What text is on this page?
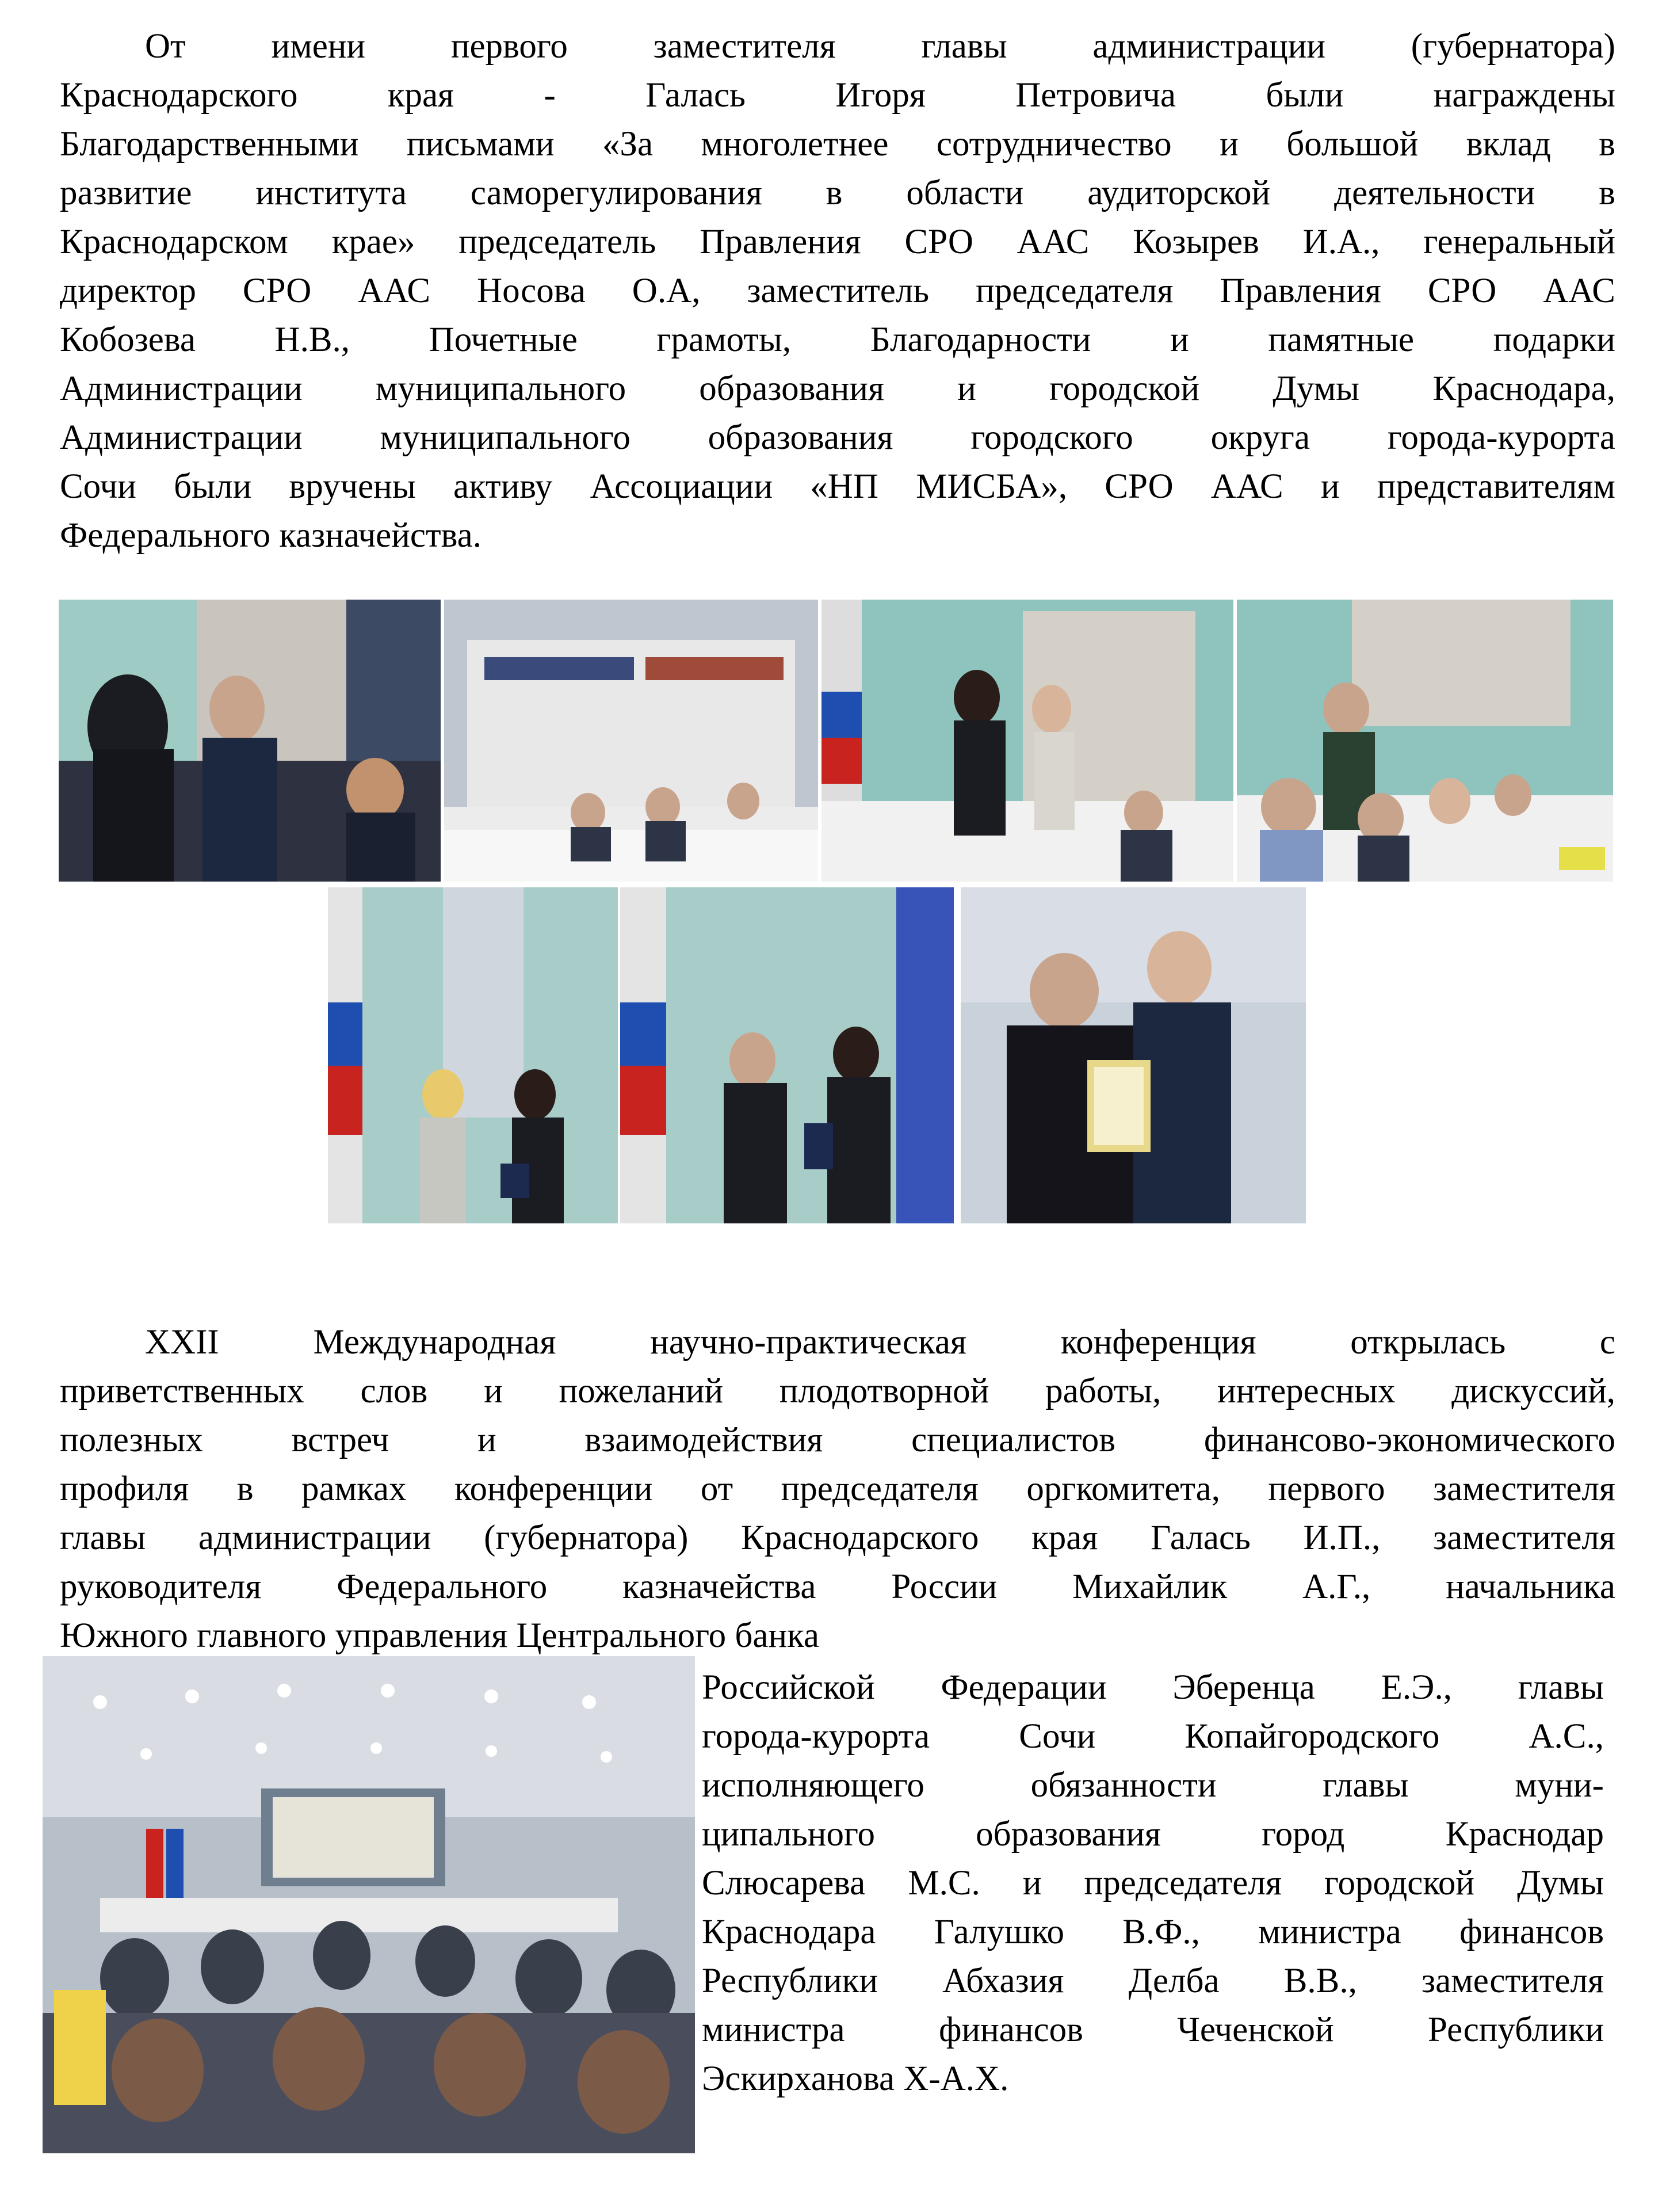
От имени первого заместителя главы администрации (губернатора)
Краснодарского края - Галась Игоря Петровича были награждены
Благодарственными письмами «За многолетнее сотрудничество и большой вклад в
развитие института саморегулирования в области аудиторской деятельности в
Краснодарском крае» председатель Правления СРО ААС Козырев И.А., генеральный
директор СРО ААС Носова О.А, заместитель председателя Правления СРО ААС
Кобозева Н.В., Почетные грамоты, Благодарности и памятные подарки
Администрации муниципального образования и городской Думы Краснодара,
Администрации муниципального образования городского округа города-курорта
Сочи были вручены активу Ассоциации «НП МИСБА», СРО ААС и представителям
Федерального казначейства.
XXII Международная научно-практическая конференция открылась с
приветственных слов и пожеланий плодотворной работы, интересных дискуссий,
полезных встреч и взаимодействия специалистов финансово-экономического
профиля в рамках конференции от председателя оргкомитета, первого заместителя
главы администрации (губернатора) Краснодарского края Галась И.П., заместителя
руководителя Федерального казначейства России Михайлик А.Г., начальника
Южного главного управления Центрального банка
Российской Федерации Эберенца Е.Э., главы
города-курорта Сочи Копайгородского А.С.,
исполняющего обязанности главы муни-
ципального образования город Краснодар
Слюсарева М.С. и председателя городской Думы
Краснодара Галушко В.Ф., министра финансов
Республики Абхазия Делба В.В., заместителя
министра финансов Чеченской Республики
Эскирханова Х-А.Х.
